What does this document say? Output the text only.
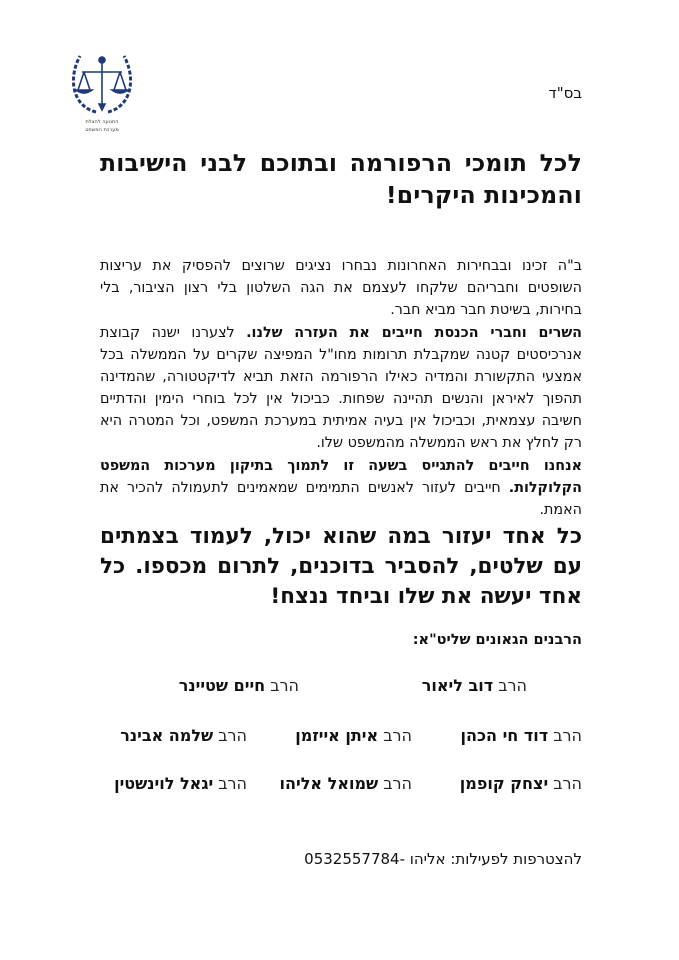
התנועה להצלת
מערכת המשפט
בס"ד
לכל תומכי הרפורמה ובתוכם לבני הישיבות והמכינות היקרים!

ב"ה זכינו ובבחירות האחרונות נבחרו נציגים שרוצים להפסיק את עריצות השופטים וחבריהם שלקחו לעצמם את הגה השלטון בלי רצון הציבור, בלי בחירות, בשיטת חבר מביא חבר.

השרים וחברי הכנסת חייבים את העזרה שלנו. לצערנו ישנה קבוצת אנרכיסטים קטנה שמקבלת תרומות מחו"ל המפיצה שקרים על הממשלה בכל אמצעי התקשורת והמדיה כאילו הרפורמה הזאת תביא לדיקטטורה, שהמדינה תהפוך לאיראן והנשים תהיינה שפחות. כביכול אין לכל בוחרי הימין והדתיים חשיבה עצמאית, וכביכול אין בעיה אמיתית במערכת המשפט, וכל המטרה היא רק לחלץ את ראש הממשלה מהמשפט שלו.

אנחנו חייבים להתגייס בשעה זו לתמוך בתיקון מערכות המשפט הקלוקלות. חייבים לעזור לאנשים התמימים שמאמינים לתעמולה להכיר את האמת.

כל אחד יעזור במה שהוא יכול, לעמוד בצמתים עם שלטים, להסביר בדוכנים, לתרום מכספו. כל אחד יעשה את שלו וביחד ננצח!

הרבנים הגאונים שליט"א:
הרב דוב ליאור
הרב חיים שטיינר
הרב דוד חי הכהן
הרב איתן אייזמן
הרב שלמה אבינר
הרב יצחק קופמן
הרב שמואל אליהו
הרב יגאל לוינשטין
להצטרפות לפעילות: אליהו -0532557784
